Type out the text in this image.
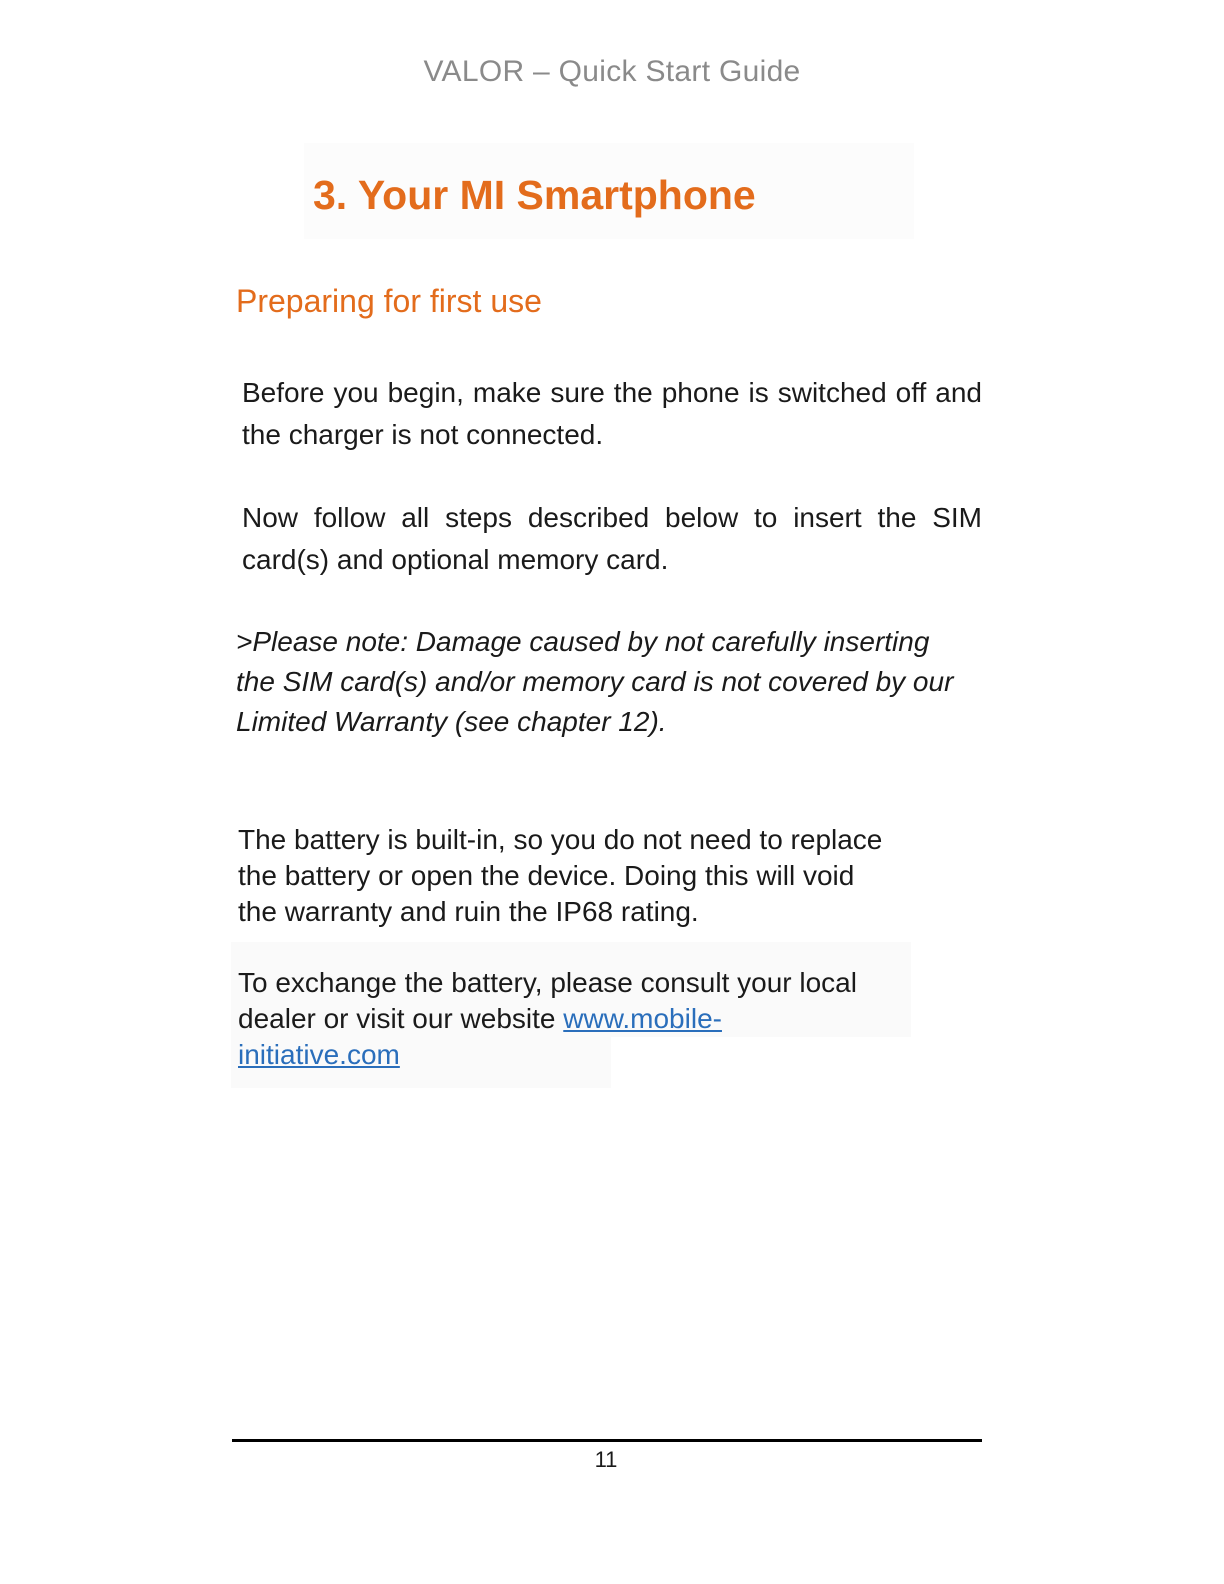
VALOR – Quick Start Guide
3. Your MI Smartphone
Preparing for first use

Before you begin, make sure the phone is switched off and the charger is not connected.

Now follow all steps described below to insert the SIM card(s) and optional memory card.

>Please note: Damage caused by not carefully inserting the SIM card(s) and/or memory card is not covered by our Limited Warranty (see chapter 12).

The battery is built-in, so you do not need to replace
the battery or open the device. Doing this will void
the warranty and ruin the IP68 rating.

To exchange the battery, please consult your local
dealer or visit our website www.mobile-
initiative.com

11
